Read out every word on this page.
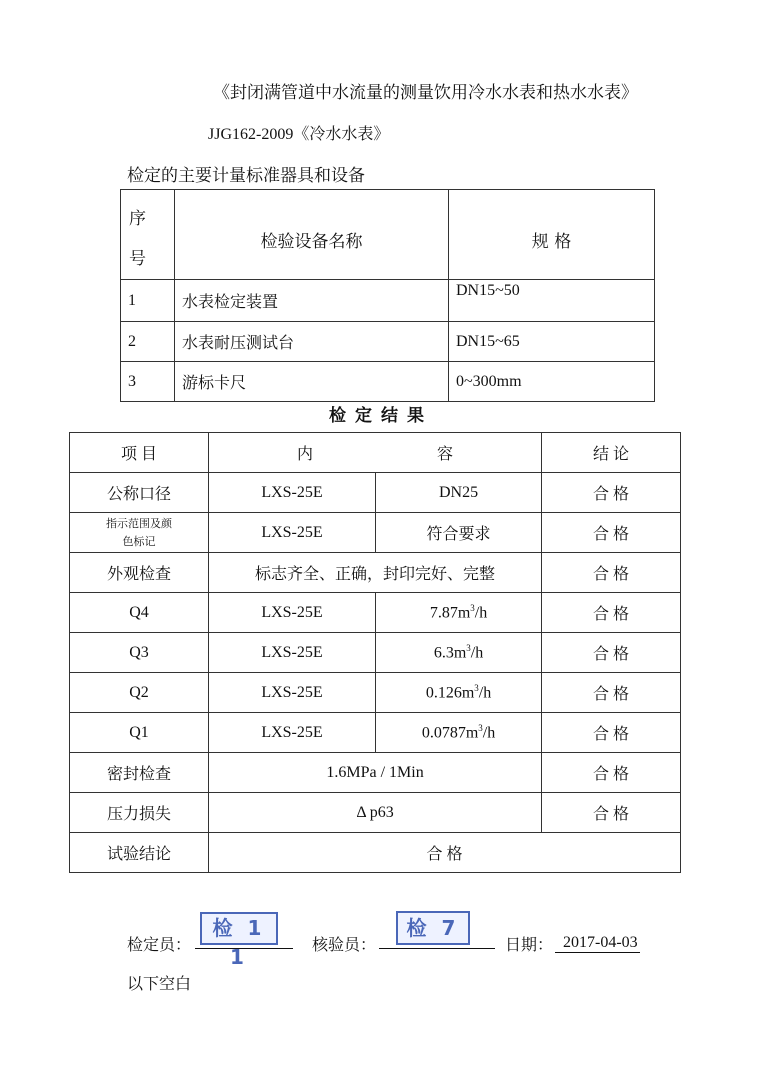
《封闭满管道中水流量的测量饮用冷水水表和热水水表》
JJG162-2009《冷水水表》
检定的主要计量标准器具和设备
序号	检验设备名称	规 格
1	水表检定装置	DN15~50
2	水表耐压测试台	DN15~65
3	游标卡尺	0~300mm
检定结果
项 目	内 容		结 论
公称口径	LXS-25E	DN25	合 格

指示范围及颜色标记	LXS-25E	符合要求	合 格
外观检查	标志齐全、正确，封印完好、完整		合 格
Q4	LXS-25E	$7.87m^3/h$	合 格
Q3	LXS-25E	$6.3m^3/h$	合 格
Q2	LXS-25E	$0.126m^3/h$	合 格
Q1	LXS-25E	$0.0787m^3/h$	合 格
密封检查	1.6MPa / 1Min		合 格
压力损失	Δ p63		合 格
试验结论	合 格		
检定员：
检 1 1
核验员：
检 7
日期： 2017-04-03
以下空白
